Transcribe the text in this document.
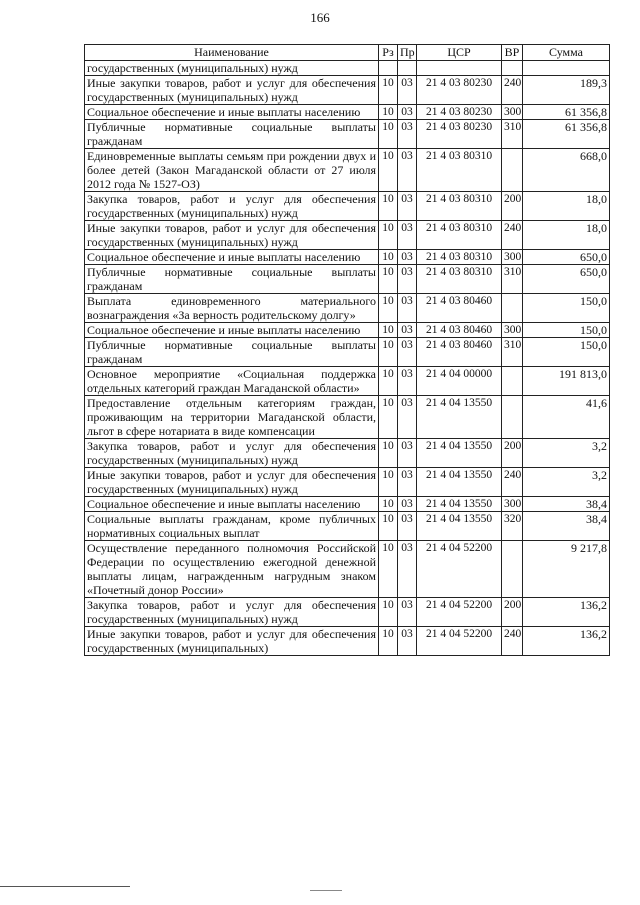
166
Наименование	Рз	Пр	ЦСР	ВР	Сумма
государственных (муниципальных) нужд					
Иные закупки товаров, работ и услуг для обеспечения государственных (муниципальных) нужд	10	03	21 4 03 80230	240	189,3
Социальное обеспечение и иные выплаты населению	10	03	21 4 03 80230	300	61 356,8
Публичные нормативные социальные выплаты гражданам	10	03	21 4 03 80230	310	61 356,8
Единовременные выплаты семьям при рождении двух и более детей (Закон Магаданской области от 27 июля 2012 года № 1527-ОЗ)	10	03	21 4 03 80310		668,0
Закупка товаров, работ и услуг для обеспечения государственных (муниципальных) нужд	10	03	21 4 03 80310	200	18,0
Иные закупки товаров, работ и услуг для обеспечения государственных (муниципальных) нужд	10	03	21 4 03 80310	240	18,0
Социальное обеспечение и иные выплаты населению	10	03	21 4 03 80310	300	650,0
Публичные нормативные социальные выплаты гражданам	10	03	21 4 03 80310	310	650,0
Выплата единовременного материального вознаграждения «За верность родительскому долгу»	10	03	21 4 03 80460		150,0
Социальное обеспечение и иные выплаты населению	10	03	21 4 03 80460	300	150,0
Публичные нормативные социальные выплаты гражданам	10	03	21 4 03 80460	310	150,0
Основное мероприятие «Социальная поддержка отдельных категорий граждан Магаданской области»	10	03	21 4 04 00000		191 813,0
Предоставление отдельным категориям граждан, проживающим на территории Магаданской области, льгот в сфере нотариата в виде компенсации	10	03	21 4 04 13550		41,6
Закупка товаров, работ и услуг для обеспечения государственных (муниципальных) нужд	10	03	21 4 04 13550	200	3,2
Иные закупки товаров, работ и услуг для обеспечения государственных (муниципальных) нужд	10	03	21 4 04 13550	240	3,2
Социальное обеспечение и иные выплаты населению	10	03	21 4 04 13550	300	38,4
Социальные выплаты гражданам, кроме публичных нормативных социальных выплат	10	03	21 4 04 13550	320	38,4
Осуществление переданного полномочия Российской Федерации по осуществлению ежегодной денежной выплаты лицам, награжденным нагрудным знаком «Почетный донор России»	10	03	21 4 04 52200		9 217,8
Закупка товаров, работ и услуг для обеспечения государственных (муниципальных) нужд	10	03	21 4 04 52200	200	136,2
Иные закупки товаров, работ и услуг для обеспечения государственных (муниципальных)	10	03	21 4 04 52200	240	136,2
